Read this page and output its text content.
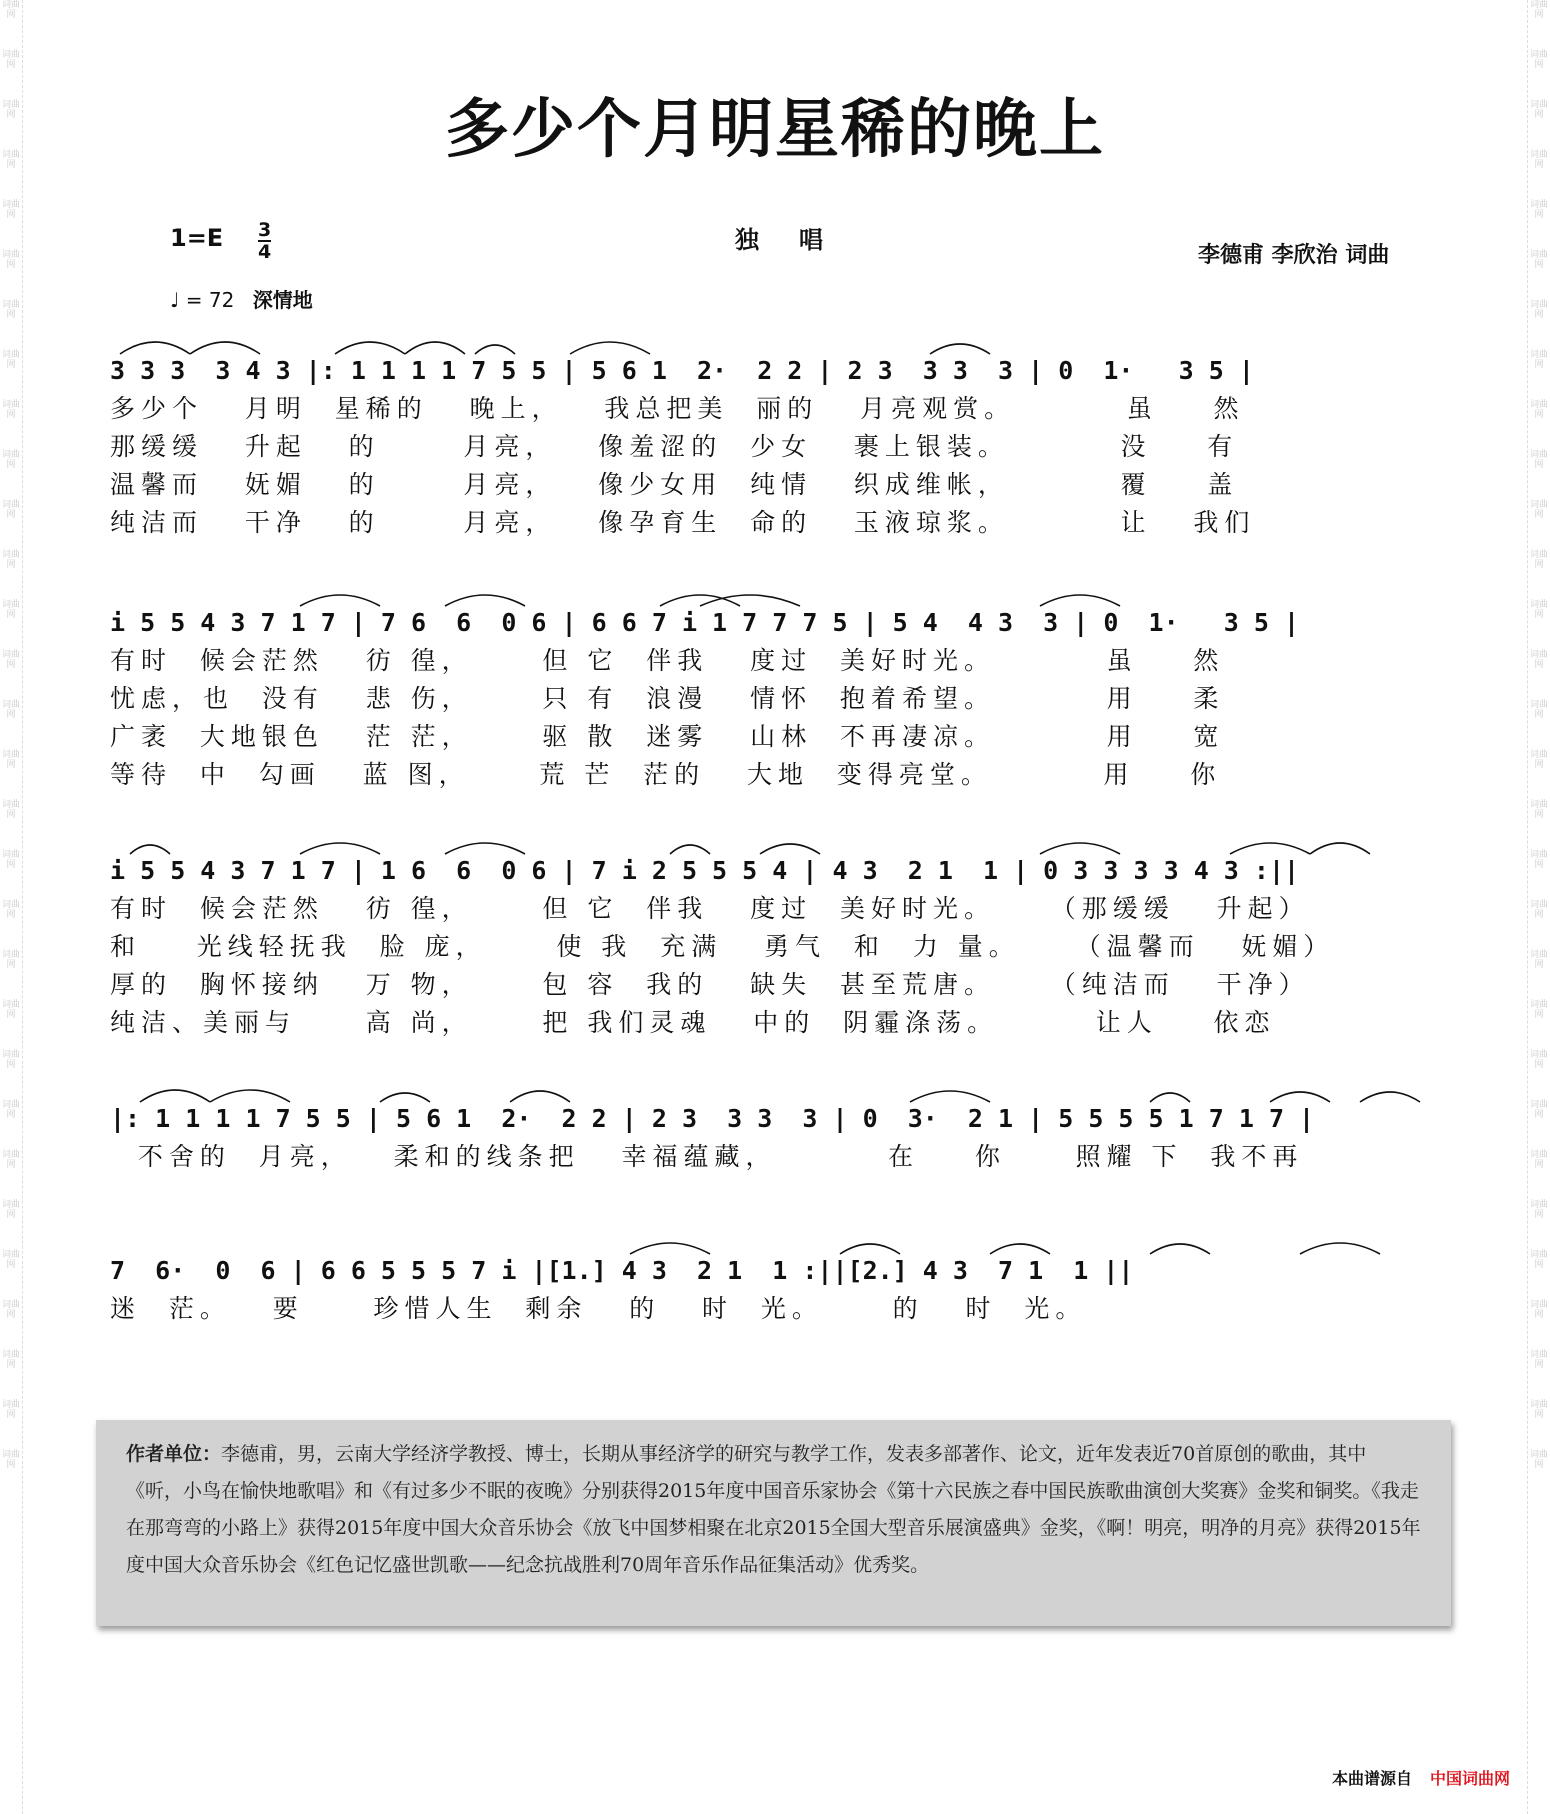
词曲网
词曲网
词曲网
词曲网
词曲网
词曲网
词曲网
词曲网
词曲网
词曲网
词曲网
词曲网
词曲网
词曲网
词曲网
词曲网
词曲网
词曲网
词曲网
词曲网
词曲网
词曲网
词曲网
词曲网
词曲网
词曲网
词曲网
词曲网
词曲网
词曲网
词曲网
词曲网
词曲网
词曲网
词曲网
词曲网
词曲网
词曲网
词曲网
词曲网
词曲网
词曲网
词曲网
词曲网
词曲网
词曲网
词曲网
词曲网
词曲网
词曲网
词曲网
词曲网
词曲网
词曲网
词曲网
词曲网
词曲网
词曲网
词曲网
词曲网
多少个月明星稀的晚上
$1=E \frac{3}{4}$	独唱
李德甫 李欣治 词曲
♩ = 72 深情地
3 3 3  3 4 3 |: 1 1 1 1 7 5 5 | 5 6 1  2·  2 2 | 2 3  3 3  3 | 0  1·   3 5 |
多少个   月明  星稀的   晚上，   我总把美  丽的   月亮观赏。        虽    然
那缓缓   升起   的      月亮，   像羞涩的  少女   裹上银装。        没    有
温馨而   妩媚   的      月亮，   像少女用  纯情   织成维帐，        覆    盖
纯洁而   干净   的      月亮，   像孕育生  命的   玉液琼浆。        让   我们
i 5 5 4 3 7 1 7 | 7 6  6  0 6 | 6 6 7 i 1 7 7 7 5 | 5 4  4 3  3 | 0  1·   3 5 |
有时  候会茫然   彷 徨，     但 它  伴我   度过  美好时光。        虽    然
忧虑，也  没有   悲 伤，     只 有  浪漫   情怀  抱着希望。        用    柔
广袤  大地银色   茫 茫，     驱 散  迷雾   山林  不再凄凉。        用    宽
等待  中  勾画   蓝 图，     荒 芒  茫的   大地  变得亮堂。        用    你
i 5 5 4 3 7 1 7 | 1 6  6  0 6 | 7 i 2 5 5 5 4 | 4 3  2 1  1 | 0 3 3 3 3 4 3 :||
有时  候会茫然   彷 徨，     但 它  伴我   度过  美好时光。    （那缓缓   升起）
和    光线轻抚我  脸 庞，     使 我  充满   勇气  和  力 量。    （温馨而   妩媚）
厚的  胸怀接纳   万 物，     包 容  我的   缺失  甚至荒唐。    （纯洁而   干净）
纯洁、美丽与     高 尚，     把 我们灵魂   中的  阴霾涤荡。       让人    依恋
|: 1 1 1 1 7 5 5 | 5 6 1  2·  2 2 | 2 3  3 3  3 | 0  3·  2 1 | 5 5 5 5 1 7 1 7 |
不舍的  月亮，   柔和的线条把   幸福蕴藏，        在    你     照耀 下  我不再
7  6·  0  6 | 6 6 5 5 5 7 i |[1.] 4 3  2 1  1 :||[2.] 4 3  7 1  1 ||
迷  茫。   要     珍惜人生  剩余   的   时  光。     的   时  光。
作者单位：李德甫，男，云南大学经济学教授、博士，长期从事经济学的研究与教学工作，发表多部著作、论文，近年发表近70首原创的歌曲，其中《听，小鸟在愉快地歌唱》和《有过多少不眠的夜晚》分别获得2015年度中国音乐家协会《第十六民族之春中国民族歌曲演创大奖赛》金奖和铜奖。《我走在那弯弯的小路上》获得2015年度中国大众音乐协会《放飞中国梦相聚在北京2015全国大型音乐展演盛典》金奖，《啊！明亮，明净的月亮》获得2015年度中国大众音乐协会《红色记忆盛世凯歌——纪念抗战胜利70周年音乐作品征集活动》优秀奖。
本曲谱源自 中国词曲网
